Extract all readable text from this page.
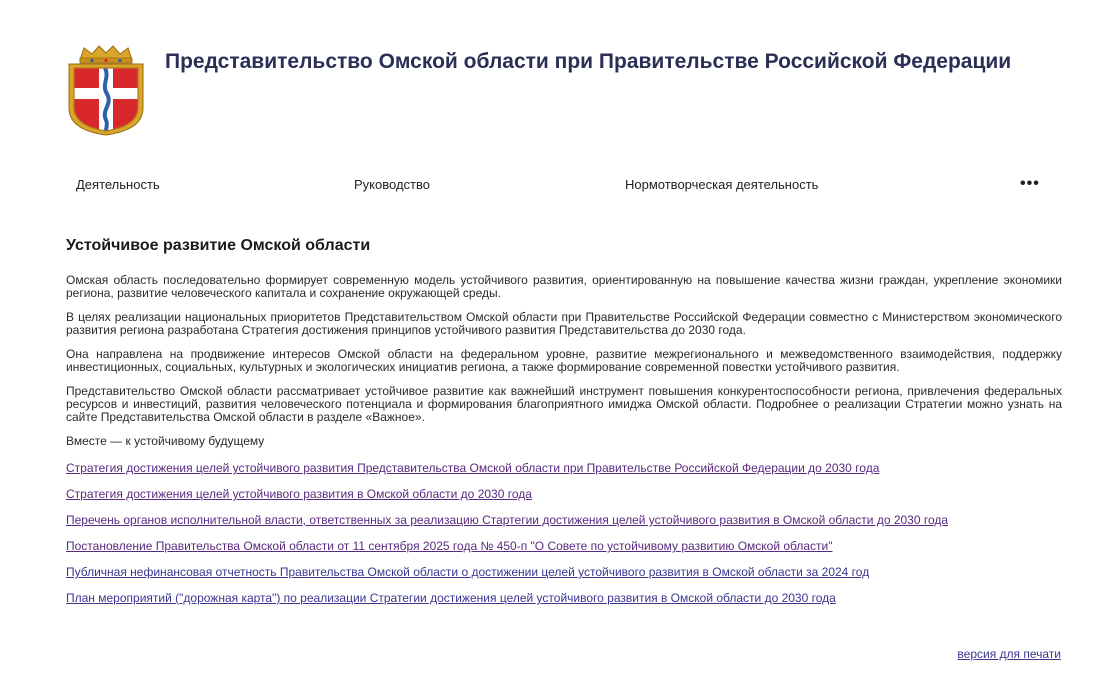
Представительство Омской области при Правительстве Российской Федерации
Деятельность	Руководство	Нормотворческая деятельность	•••
Устойчивое развитие Омской области

Омская область последовательно формирует современную модель устойчивого развития, ориентированную на повышение качества жизни граждан, укрепление экономики региона, развитие человеческого капитала и сохранение окружающей среды.

В целях реализации национальных приоритетов Представительством Омской области при Правительстве Российской Федерации совместно с Министерством экономического развития региона разработана Стратегия достижения принципов устойчивого развития Представительства до 2030 года.

Она направлена на продвижение интересов Омской области на федеральном уровне, развитие межрегионального и межведомственного взаимодействия, поддержку инвестиционных, социальных, культурных и экологических инициатив региона, а также формирование современной повестки устойчивого развития.

Представительство Омской области рассматривает устойчивое развитие как важнейший инструмент повышения конкурентоспособности региона, привлечения федеральных ресурсов и инвестиций, развития человеческого потенциала и формирования благоприятного имиджа Омской области. Подробнее о реализации Стратегии можно узнать на сайте Представительства Омской области в разделе «Важное».

Вместе — к устойчивому будущему

Стратегия достижения целей устойчивого развития Представительства Омской области при Правительстве Российской Федерации до 2030 года
Стратегия достижения целей устойчивого развития в Омской области до 2030 года
Перечень органов исполнительной власти, ответственных за реализацию Стартегии достижения целей устойчивого развития в Омской области до 2030 года
Постановление Правительства Омской области от 11 сентября 2025 года № 450-п "О Совете по устойчивому развитию Омской области"
Публичная нефинансовая отчетность Правительства Омской области о достижении целей устойчивого развития в Омской области за 2024 год
План мероприятий ("дорожная карта") по реализации Стратегии достижения целей устойчивого развития в Омской области до 2030 года
версия для печати
